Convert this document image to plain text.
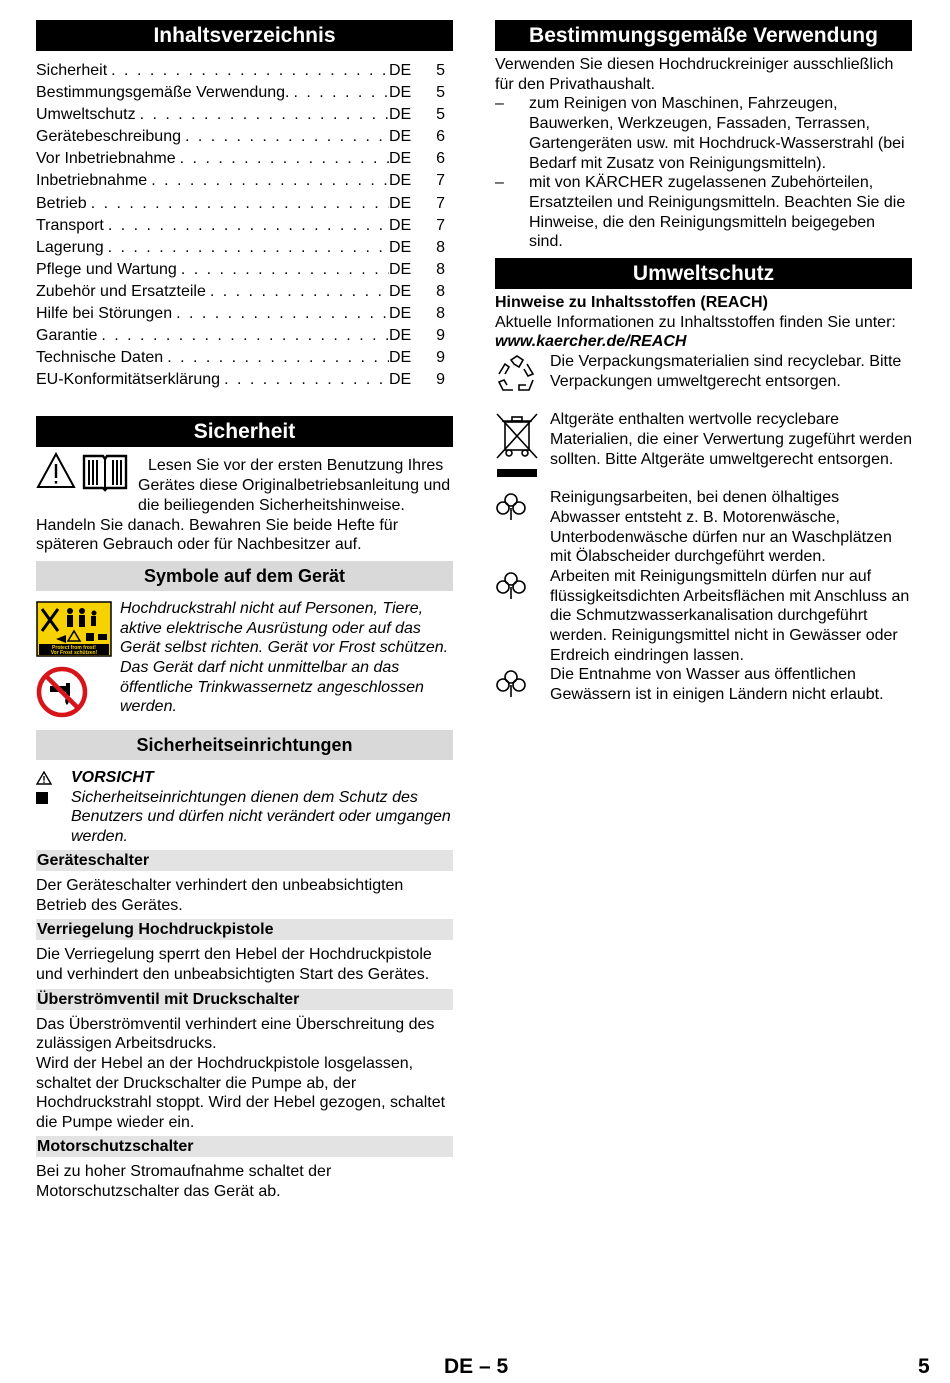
Inhaltsverzeichnis
Sicherheit . . .	DE	5
Bestimmungsgemäße Verwendung. . . .	DE	5
Umweltschutz . . .	DE	5
Gerätebeschreibung . . .	DE	6
Vor Inbetriebnahme . . .	DE	6
Inbetriebnahme . . .	DE	7
Betrieb . . .	DE	7
Transport . . .	DE	7
Lagerung . . .	DE	8
Pflege und Wartung . . .	DE	8
Zubehör und Ersatzteile . . .	DE	8
Hilfe bei Störungen . . .	DE	8
Garantie . . .	DE	9
Technische Daten . . .	DE	9
EU-Konformitätserklärung . . .	DE	9
Sicherheit

Lesen Sie vor der ersten Benutzung Ihres Gerätes diese Originalbetriebsanleitung und die beiliegenden Sicherheitshinweise. Handeln Sie danach. Bewahren Sie beide Hefte für späteren Gebrauch oder für Nachbesitzer auf.

Symbole auf dem Gerät
Protect from frost!
Vor Frost schützen!

Hochdruckstrahl nicht auf Personen, Tiere, aktive elektrische Ausrüstung oder auf das Gerät selbst richten. Gerät vor Frost schützen.

Das Gerät darf nicht unmittelbar an das öffentliche Trinkwassernetz angeschlossen werden.

Sicherheitseinrichtungen

VORSICHT

Sicherheitseinrichtungen dienen dem Schutz des Benutzers und dürfen nicht verändert oder umgangen werden.

Geräteschalter

Der Geräteschalter verhindert den unbeabsichtigten Betrieb des Gerätes.

Verriegelung Hochdruckpistole

Die Verriegelung sperrt den Hebel der Hochdruckpistole und verhindert den unbeabsichtigten Start des Gerätes.

Überströmventil mit Druckschalter

Das Überströmventil verhindert eine Überschreitung des zulässigen Arbeitsdrucks.

Wird der Hebel an der Hochdruckpistole losgelassen, schaltet der Druckschalter die Pumpe ab, der Hochdruckstrahl stoppt. Wird der Hebel gezogen, schaltet die Pumpe wieder ein.

Motorschutzschalter

Bei zu hoher Stromaufnahme schaltet der Motorschutzschalter das Gerät ab.

Bestimmungsgemäße Verwendung

Verwenden Sie diesen Hochdruckreiniger ausschließlich für den Privathaushalt.

–	zum Reinigen von Maschinen, Fahrzeugen, Bauwerken, Werkzeugen, Fassaden, Terrassen, Gartengeräten usw. mit Hochdruck-Wasserstrahl (bei Bedarf mit Zusatz von Reinigungsmitteln).

–	mit von KÄRCHER zugelassenen Zubehörteilen, Ersatzteilen und Reinigungsmitteln. Beachten Sie die Hinweise, die den Reinigungsmitteln beigegeben sind.

Umweltschutz

Hinweise zu Inhaltsstoffen (REACH)

Aktuelle Informationen zu Inhaltsstoffen finden Sie unter:

www.kaercher.de/REACH

Die Verpackungsmaterialien sind recyclebar. Bitte Verpackungen umweltgerecht entsorgen.

Altgeräte enthalten wertvolle recyclebare Materialien, die einer Verwertung zugeführt werden sollten. Bitte Altgeräte umweltgerecht entsorgen.

Reinigungsarbeiten, bei denen ölhaltiges Abwasser entsteht z. B. Motorenwäsche, Unterbodenwäsche dürfen nur an Waschplätzen mit Ölabscheider durchgeführt werden.

Arbeiten mit Reinigungsmitteln dürfen nur auf flüssigkeitsdichten Arbeitsflächen mit Anschluss an die Schmutzwasserkanalisation durchgeführt werden. Reinigungsmittel nicht in Gewässer oder Erdreich eindringen lassen.

Die Entnahme von Wasser aus öffentlichen Gewässern ist in einigen Ländern nicht erlaubt.

DE – 5	5
